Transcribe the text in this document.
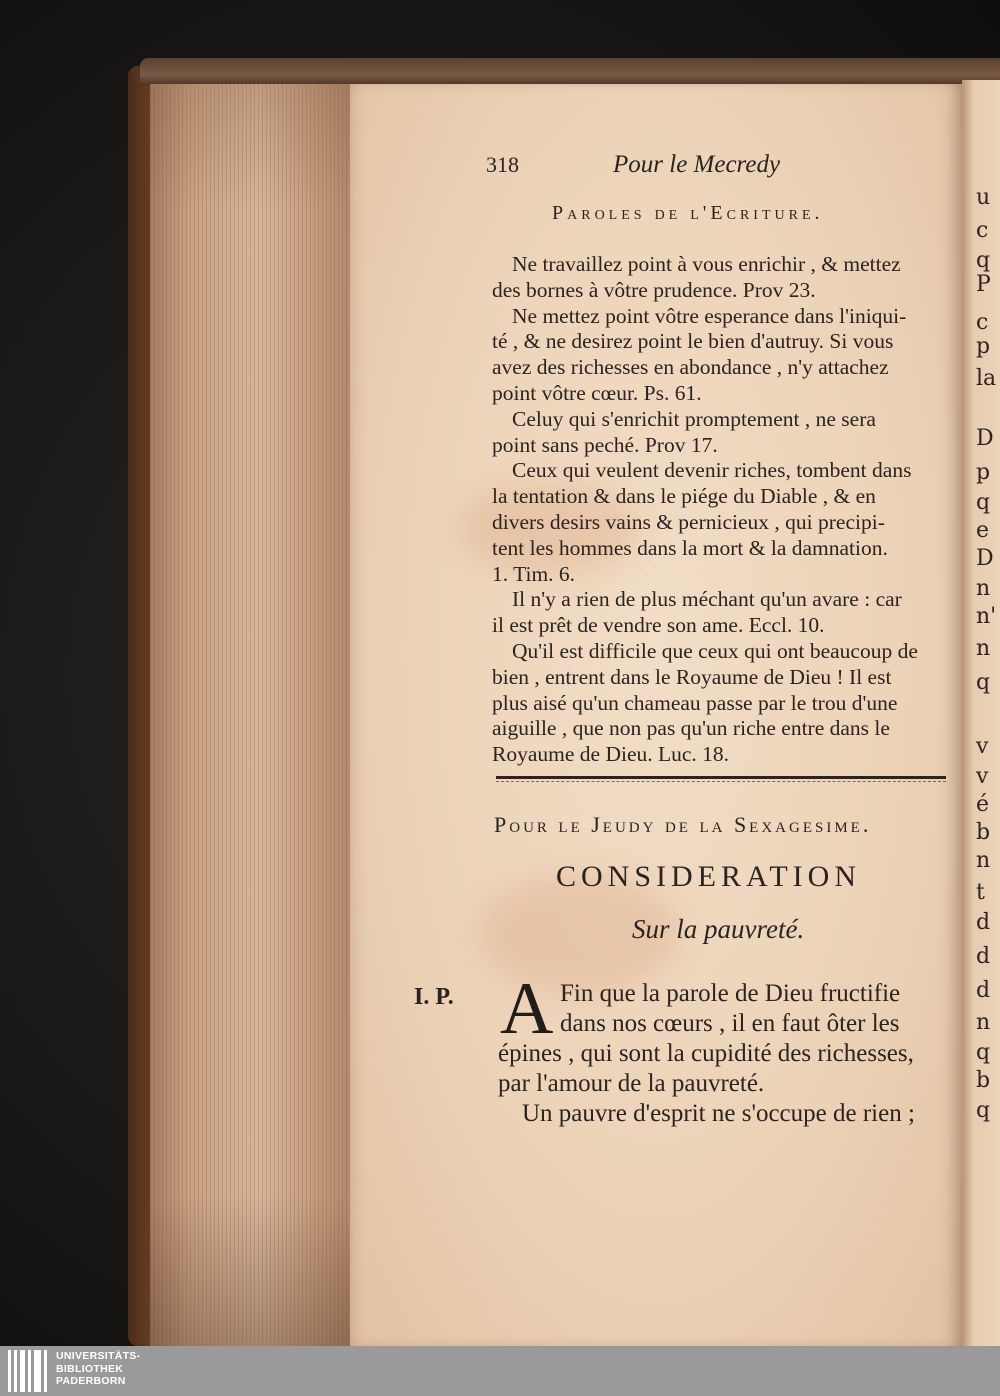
u
c
q
P
c
p
la
D
p
q
e
D
n
n'
n
q
v
v
é
b
n
t
d
d
d
n
q
b
q
318	Pour le Mecredy
Paroles de l'Ecriture.
Ne travaillez point à vous enrichir , & mettez
des bornes à vôtre prudence. Prov 23.
Ne mettez point vôtre esperance dans l'iniqui-
té , & ne desirez point le bien d'autruy. Si vous
avez des richesses en abondance , n'y attachez
point vôtre cœur. Ps. 61.
Celuy qui s'enrichit promptement , ne sera
point sans peché. Prov 17.
Ceux qui veulent devenir riches, tombent dans
la tentation & dans le piége du Diable , & en
divers desirs vains & pernicieux , qui precipi-
tent les hommes dans la mort & la damnation.
1. Tim. 6.
Il n'y a rien de plus méchant qu'un avare : car
il est prêt de vendre son ame. Eccl. 10.
Qu'il est difficile que ceux qui ont beaucoup de
bien , entrent dans le Royaume de Dieu ! Il est
plus aisé qu'un chameau passe par le trou d'une
aiguille , que non pas qu'un riche entre dans le
Royaume de Dieu. Luc. 18.
Pour le Jeudy de la Sexagesime.
CONSIDERATION
Sur la pauvreté.
I. P. A Fin que la parole de Dieu fructifie
dans nos cœurs , il en faut ôter les
épines , qui sont la cupidité des richesses,
par l'amour de la pauvreté.
Un pauvre d'esprit ne s'occupe de rien ;
UNIVERSITÄTS-
BIBLIOTHEK
PADERBORN
